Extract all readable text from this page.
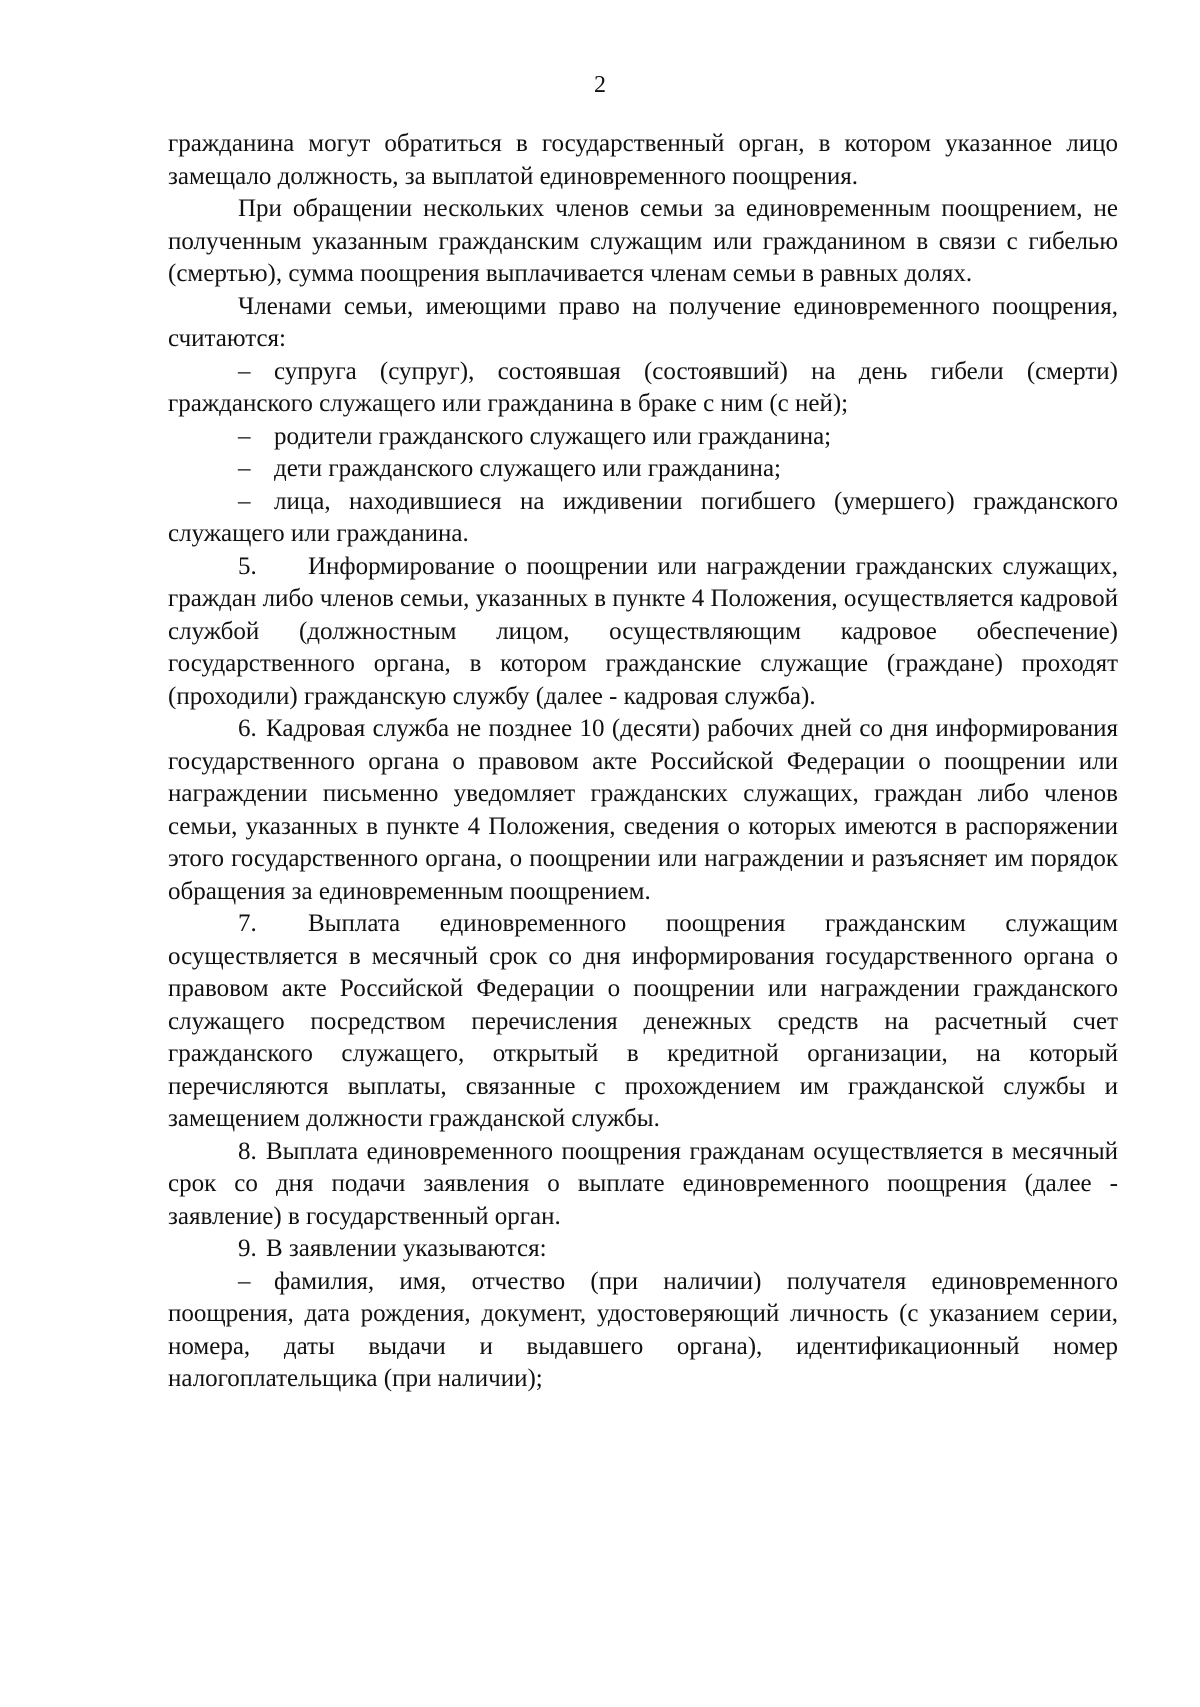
2

гражданина могут обратиться в государственный орган, в котором указанное лицо замещало должность, за выплатой единовременного поощрения.

При обращении нескольких членов семьи за единовременным поощрением, не полученным указанным гражданским служащим или гражданином в связи с гибелью (смертью), сумма поощрения выплачивается членам семьи в равных долях.

Членами семьи, имеющими право на получение единовременного поощрения, считаются:

– супруга (супруг), состоявшая (состоявший) на день гибели (смерти) гражданского служащего или гражданина в браке с ним (с ней);

– родители гражданского служащего или гражданина;

– дети гражданского служащего или гражданина;

– лица, находившиеся на иждивении погибшего (умершего) гражданского служащего или гражданина.

5. Информирование о поощрении или награждении гражданских служащих, граждан либо членов семьи, указанных в пункте 4 Положения, осуществляется кадровой службой (должностным лицом, осуществляющим кадровое обеспечение) государственного органа, в котором гражданские служащие (граждане) проходят (проходили) гражданскую службу (далее - кадровая служба).

6. Кадровая служба не позднее 10 (десяти) рабочих дней со дня информирования государственного органа о правовом акте Российской Федерации о поощрении или награждении письменно уведомляет гражданских служащих, граждан либо членов семьи, указанных в пункте 4 Положения, сведения о которых имеются в распоряжении этого государственного органа, о поощрении или награждении и разъясняет им порядок обращения за единовременным поощрением.

7. Выплата единовременного поощрения гражданским служащим осуществляется в месячный срок со дня информирования государственного органа о правовом акте Российской Федерации о поощрении или награждении гражданского служащего посредством перечисления денежных средств на расчетный счет гражданского служащего, открытый в кредитной организации, на который перечисляются выплаты, связанные с прохождением им гражданской службы и замещением должности гражданской службы.

8. Выплата единовременного поощрения гражданам осуществляется в месячный срок со дня подачи заявления о выплате единовременного поощрения (далее - заявление) в государственный орган.

9. В заявлении указываются:

– фамилия, имя, отчество (при наличии) получателя единовременного поощрения, дата рождения, документ, удостоверяющий личность (с указанием серии, номера, даты выдачи и выдавшего органа), идентификационный номер налогоплательщика (при наличии);
